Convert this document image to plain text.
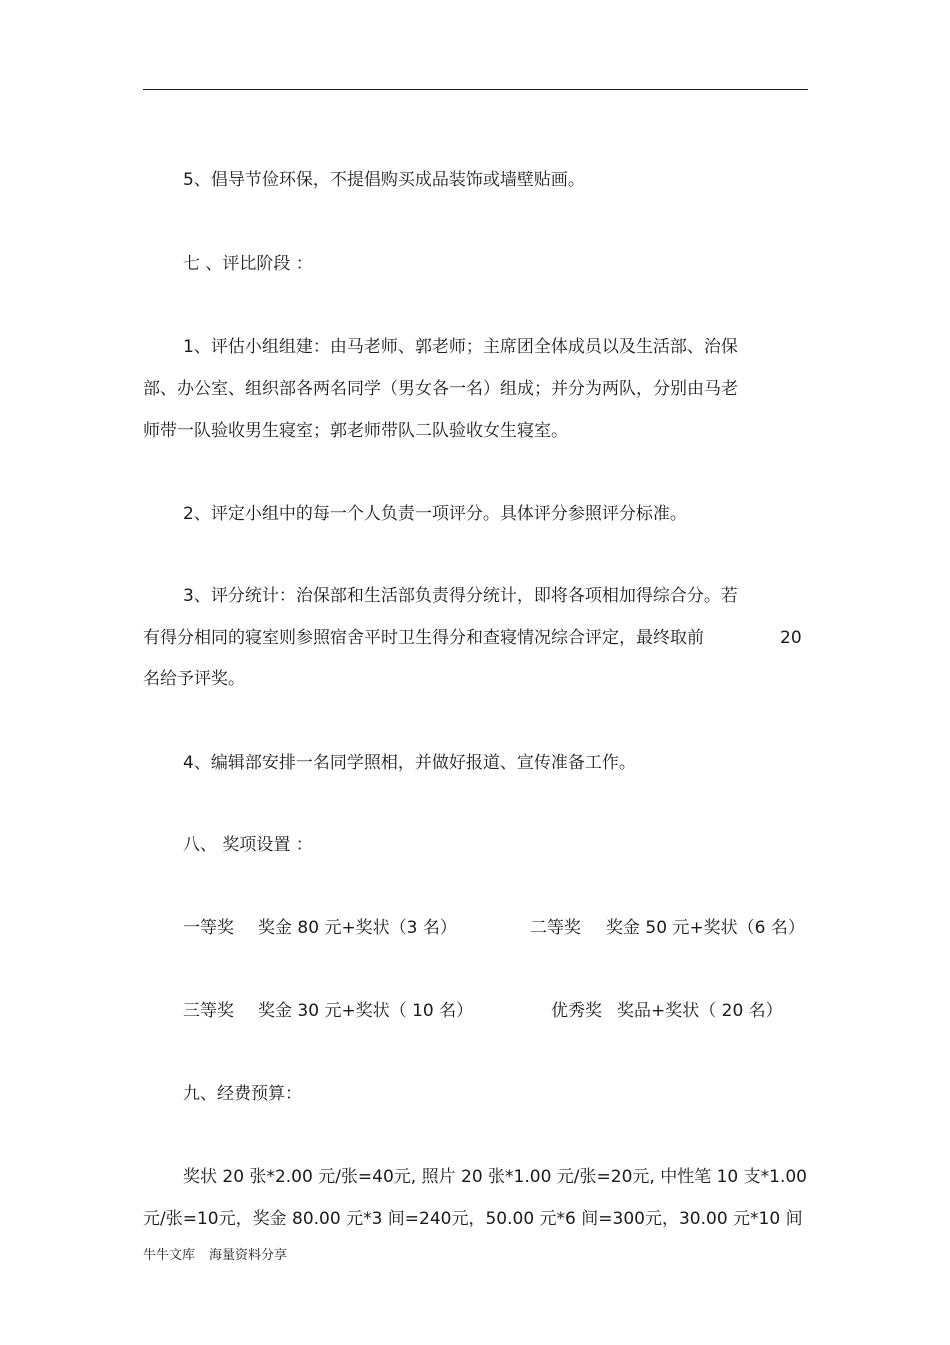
5、倡导节俭环保，不提倡购买成品装饰或墙壁贴画。
七 、评比阶段 ：
1、评估小组组建：由马老师、郭老师；主席团全体成员以及生活部、治保
部、办公室、组织部各两名同学（男女各一名）组成；并分为两队，分别由马老
师带一队验收男生寝室；郭老师带队二队验收女生寝室。
2、评定小组中的每一个人负责一项评分。具体评分参照评分标准。
3、评分统计：治保部和生活部负责得分统计，即将各项相加得综合分。若
有得分相同的寝室则参照宿舍平时卫生得分和查寝情况综合评定，最终取前	20
名给予评奖。
4、编辑部安排一名同学照相，并做好报道、宣传准备工作。
八、 奖项设置 ：
一等奖 奖金 80 元+奖状（3 名）	二等奖 奖金 50 元+奖状（6 名）
三等奖 奖金 30 元+奖状（ 10 名）	优秀奖 奖品+奖状（ 20 名）
九、经费预算：
奖状 20 张*2.00 元/张=40元, 照片 20 张*1.00 元/张=20元, 中性笔 10 支*1.00
元/张=10元，奖金 80.00 元*3 间=240元，50.00 元*6 间=300元，30.00 元*10 间
牛牛文库 海量资料分享
